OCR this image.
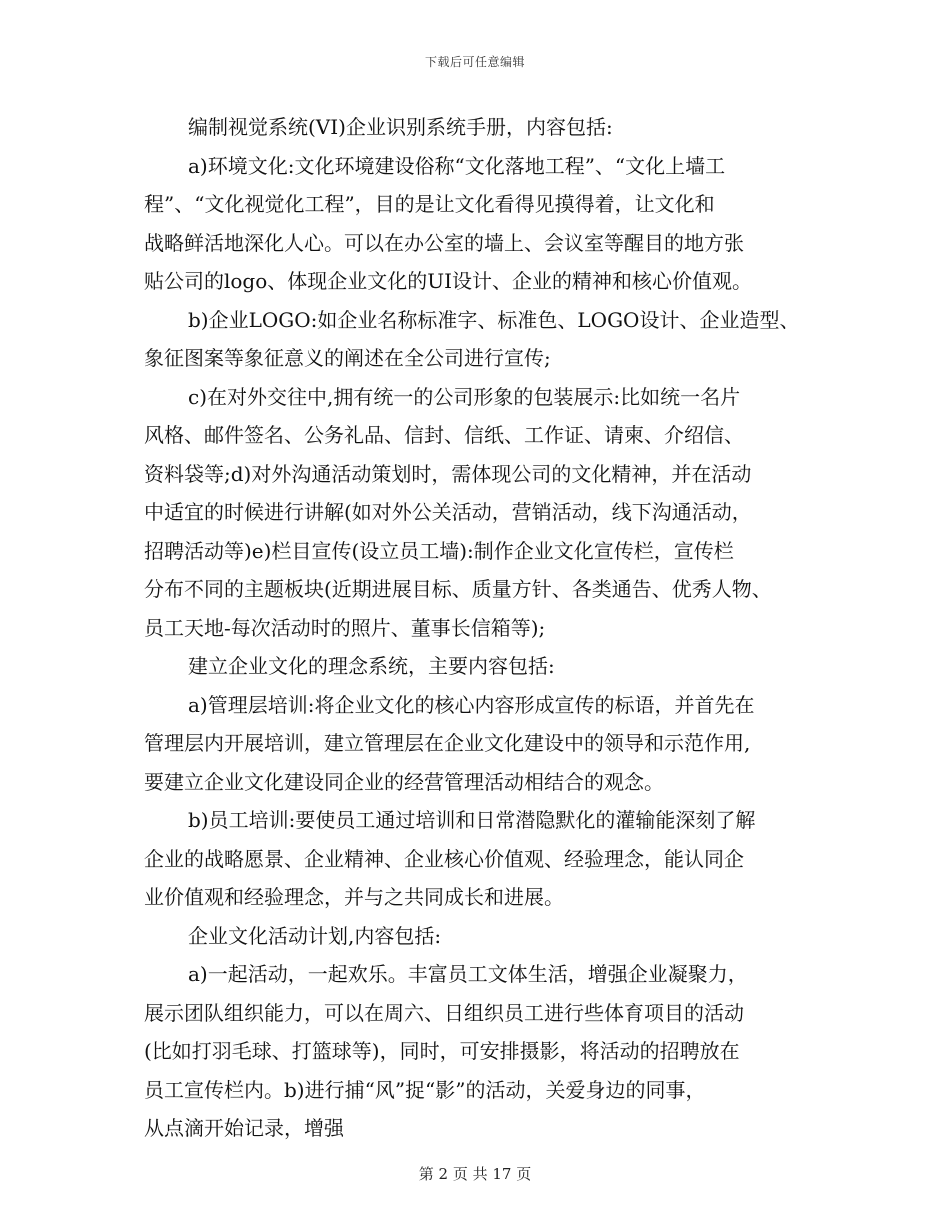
下载后可任意编辑

编制视觉系统(VI)企业识别系统手册，内容包括:

a)环境文化:文化环境建设俗称“文化落地工程”、“文化上墙工
程”、“文化视觉化工程”，目的是让文化看得见摸得着，让文化和
战略鲜活地深化人心。可以在办公室的墙上、会议室等醒目的地方张
贴公司的logo、体现企业文化的UI设计、企业的精神和核心价值观。

b)企业LOGO:如企业名称标准字、标准色、LOGO设计、企业造型、
象征图案等象征意义的阐述在全公司进行宣传;

c)在对外交往中,拥有统一的公司形象的包装展示:比如统一名片
风格、邮件签名、公务礼品、信封、信纸、工作证、请柬、介绍信、
资料袋等;d)对外沟通活动策划时，需体现公司的文化精神，并在活动
中适宜的时候进行讲解(如对外公关活动，营销活动，线下沟通活动，
招聘活动等)e)栏目宣传(设立员工墙):制作企业文化宣传栏，宣传栏
分布不同的主题板块(近期进展目标、质量方针、各类通告、优秀人物、
员工天地-每次活动时的照片、董事长信箱等);

建立企业文化的理念系统，主要内容包括:

a)管理层培训:将企业文化的核心内容形成宣传的标语，并首先在
管理层内开展培训，建立管理层在企业文化建设中的领导和示范作用,
要建立企业文化建设同企业的经营管理活动相结合的观念。

b)员工培训:要使员工通过培训和日常潜隐默化的灌输能深刻了解
企业的战略愿景、企业精神、企业核心价值观、经验理念，能认同企
业价值观和经验理念，并与之共同成长和进展。

企业文化活动计划,内容包括:

a)一起活动，一起欢乐。丰富员工文体生活，增强企业凝聚力，
展示团队组织能力，可以在周六、日组织员工进行些体育项目的活动
(比如打羽毛球、打篮球等)，同时，可安排摄影，将活动的招聘放在
员工宣传栏内。b)进行捕“风”捉“影”的活动，关爱身边的同事，
从点滴开始记录，增强

第 2 页 共 17 页
